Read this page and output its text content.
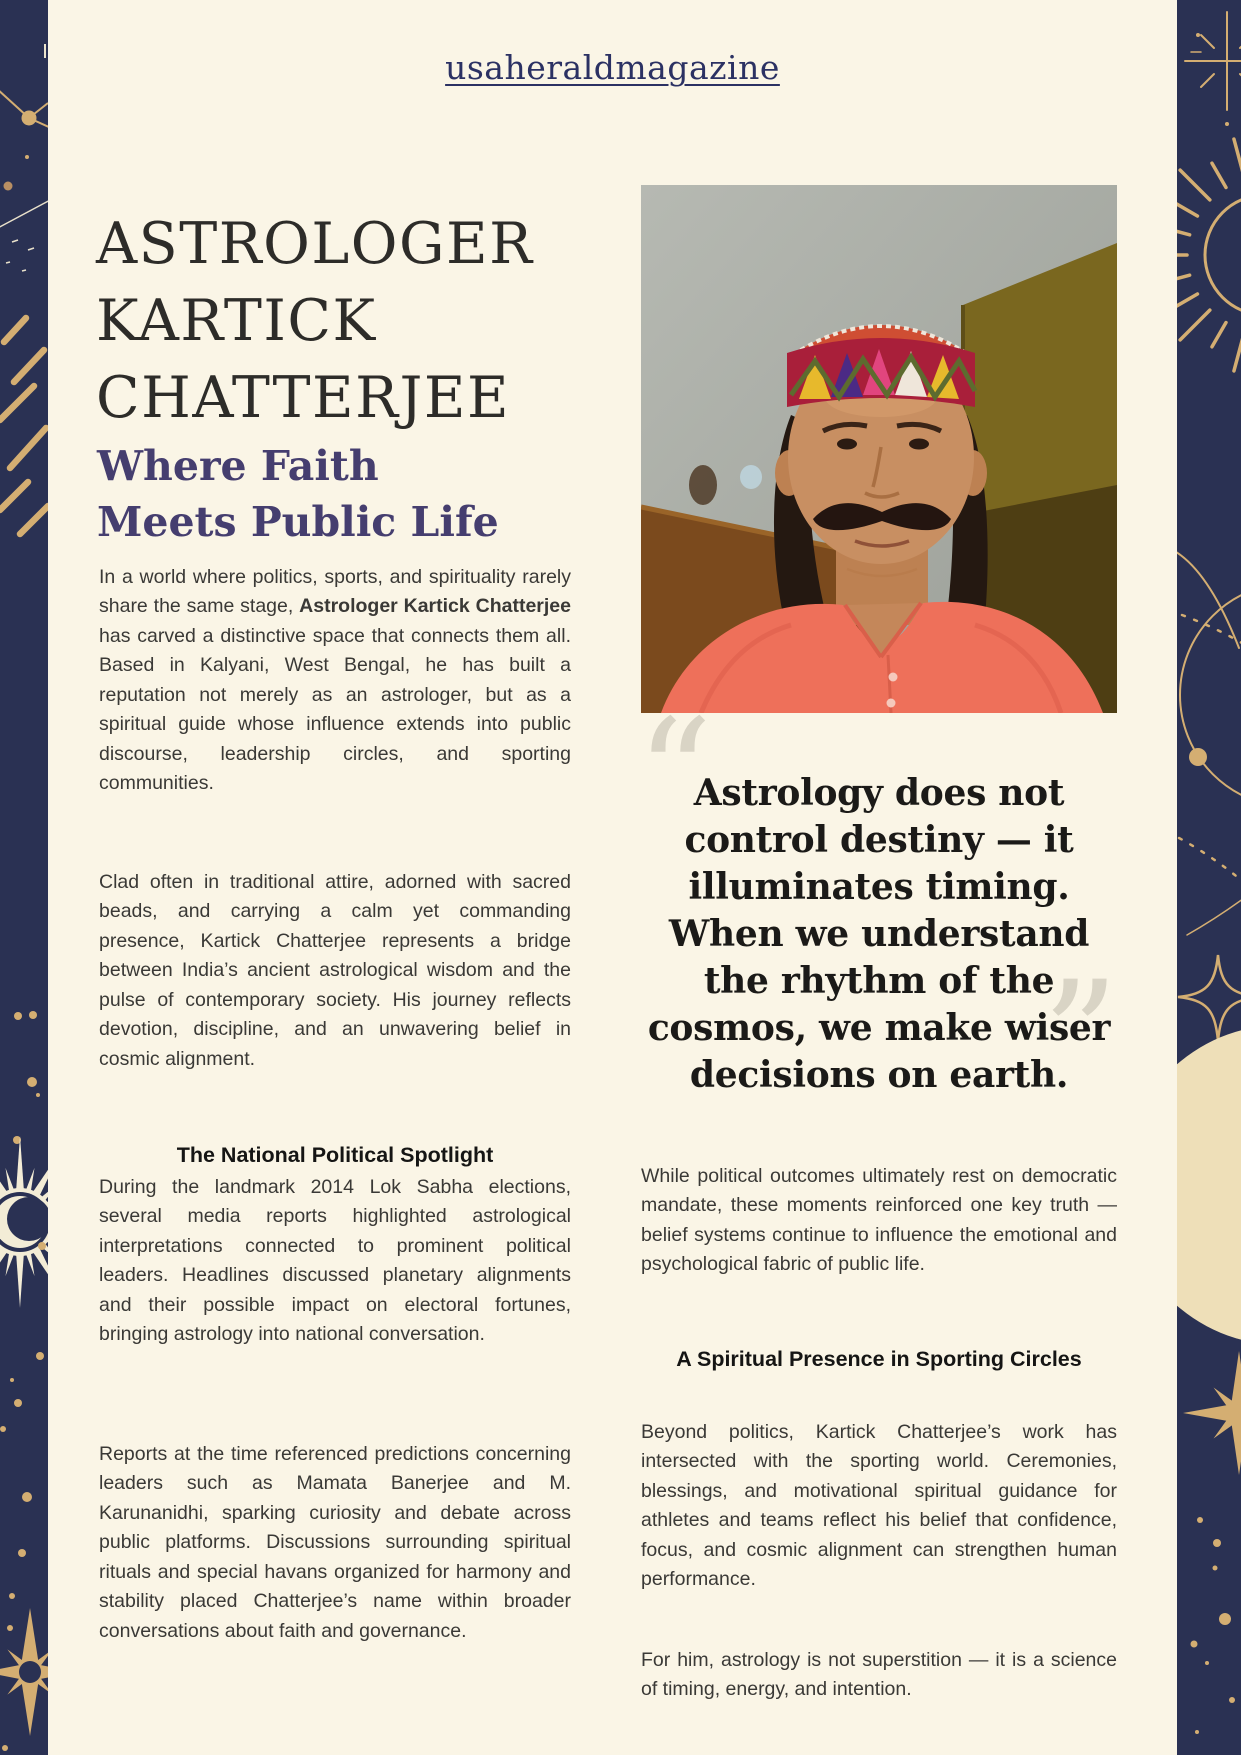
usaheraldmagazine
ASTROLOGER KARTICK CHATTERJEE
Where Faith Meets Public Life

In a world where politics, sports, and spirituality rarely share the same stage, Astrologer Kartick Chatterjee has carved a distinctive space that connects them all. Based in Kalyani, West Bengal, he has built a reputation not merely as an astrologer, but as a spiritual guide whose influence extends into public discourse, leadership circles, and sporting communities.

Clad often in traditional attire, adorned with sacred beads, and carrying a calm yet commanding presence, Kartick Chatterjee represents a bridge between India’s ancient astrological wisdom and the pulse of contemporary society. His journey reflects devotion, discipline, and an unwavering belief in cosmic alignment.

The National Political Spotlight

During the landmark 2014 Lok Sabha elections, several media reports highlighted astrological interpretations connected to prominent political leaders. Headlines discussed planetary alignments and their possible impact on electoral fortunes, bringing astrology into national conversation.

Reports at the time referenced predictions concerning leaders such as Mamata Banerjee and M. Karunanidhi, sparking curiosity and debate across public platforms. Discussions surrounding spiritual rituals and special havans organized for harmony and stability placed Chatterjee’s name within broader conversations about faith and governance.

“
”
Astrology does not control destiny — it illuminates timing. When we understand the rhythm of the cosmos, we make wiser decisions on earth.

While political outcomes ultimately rest on democratic mandate, these moments reinforced one key truth — belief systems continue to influence the emotional and psychological fabric of public life.

A Spiritual Presence in Sporting Circles

Beyond politics, Kartick Chatterjee’s work has intersected with the sporting world. Ceremonies, blessings, and motivational spiritual guidance for athletes and teams reflect his belief that confidence, focus, and cosmic alignment can strengthen human performance.

For him, astrology is not superstition — it is a science of timing, energy, and intention.
